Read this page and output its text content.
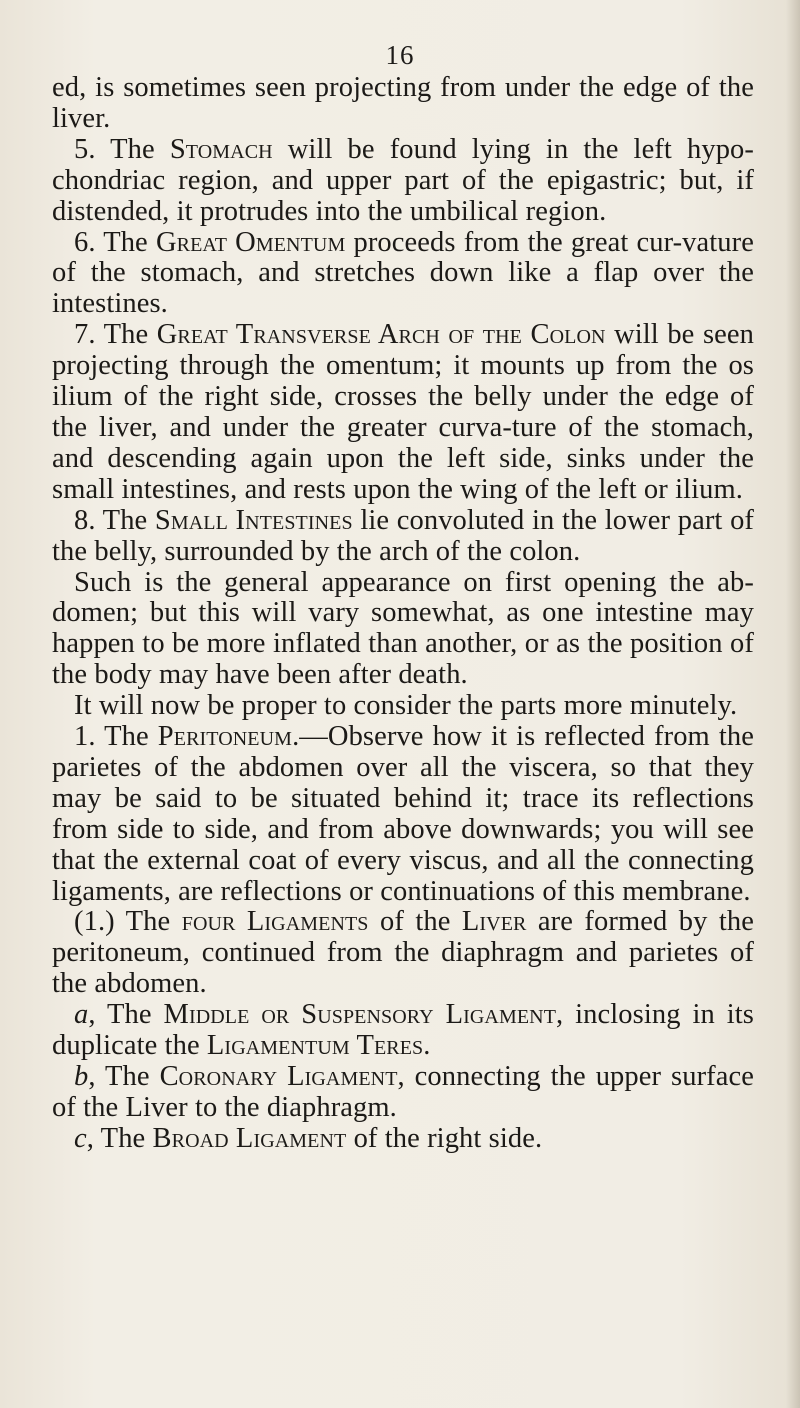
16

ed, is sometimes seen projecting from under the edge of the liver.

5. The Stomach will be found lying in the left hypo-chondriac region, and upper part of the epigastric; but, if distended, it protrudes into the umbilical region.

6. The Great Omentum proceeds from the great cur-vature of the stomach, and stretches down like a flap over the intestines.

7. The Great Transverse Arch of the Colon will be seen projecting through the omentum; it mounts up from the os ilium of the right side, crosses the belly under the edge of the liver, and under the greater curva-ture of the stomach, and descending again upon the left side, sinks under the small intestines, and rests upon the wing of the left or ilium.

8. The Small Intestines lie convoluted in the lower part of the belly, surrounded by the arch of the colon.

Such is the general appearance on first opening the ab-domen; but this will vary somewhat, as one intestine may happen to be more inflated than another, or as the position of the body may have been after death.

It will now be proper to consider the parts more minutely.

1. The Peritoneum.—Observe how it is reflected from the parietes of the abdomen over all the viscera, so that they may be said to be situated behind it; trace its reflections from side to side, and from above downwards; you will see that the external coat of every viscus, and all the connecting ligaments, are reflections or continuations of this membrane.

(1.) The four Ligaments of the Liver are formed by the peritoneum, continued from the diaphragm and parietes of the abdomen.

a, The Middle or Suspensory Ligament, inclosing in its duplicate the Ligamentum Teres.

b, The Coronary Ligament, connecting the upper surface of the Liver to the diaphragm.

c, The Broad Ligament of the right side.
